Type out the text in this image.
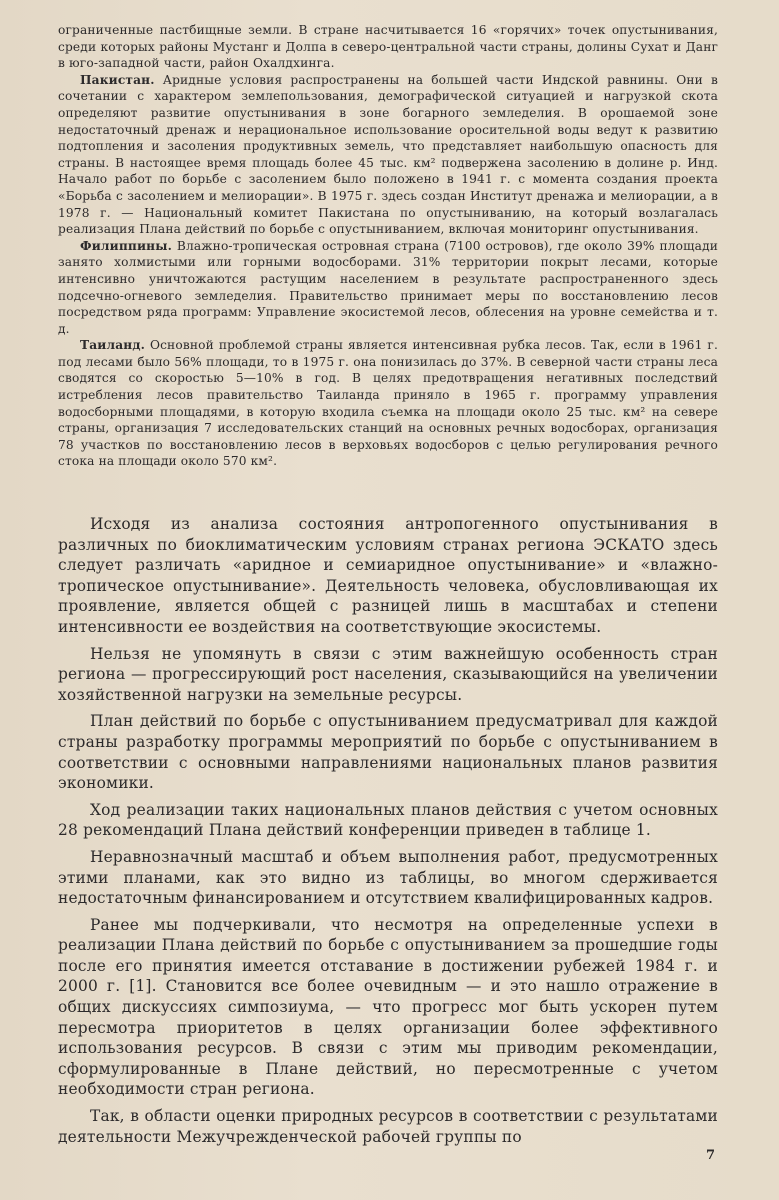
ограниченные пастбищные земли. В стране насчитывается 16 «горячих» точек опустынивания, среди которых районы Мустанг и Долпа в северо-центральной части страны, долины Сухат и Данг в юго-западной части, район Охалдхинга.

Пакистан. Аридные условия распространены на большей части Индской равнины. Они в сочетании с характером землепользования, демографической ситуацией и нагрузкой скота определяют развитие опустынивания в зоне богарного земледелия. В орошаемой зоне недостаточный дренаж и нерациональное использование оросительной воды ведут к развитию подтопления и засоления продуктивных земель, что представляет наибольшую опасность для страны. В настоящее время площадь более 45 тыс. км² подвержена засолению в долине р. Инд. Начало работ по борьбе с засолением было положено в 1941 г. с момента создания проекта «Борьба с засолением и мелиорации». В 1975 г. здесь создан Институт дренажа и мелиорации, а в 1978 г. — Национальный комитет Пакистана по опустыниванию, на который возлагалась реализация Плана действий по борьбе с опустыниванием, включая мониторинг опустынивания.

Филиппины. Влажно-тропическая островная страна (7100 островов), где около 39% площади занято холмистыми или горными водосборами. 31% территории покрыт лесами, которые интенсивно уничтожаются растущим населением в результате распространенного здесь подсечно-огневого земледелия. Правительство принимает меры по восстановлению лесов посредством ряда программ: Управление экосистемой лесов, облесения на уровне семейства и т. д.

Таиланд. Основной проблемой страны является интенсивная рубка лесов. Так, если в 1961 г. под лесами было 56% площади, то в 1975 г. она понизилась до 37%. В северной части страны леса сводятся со скоростью 5—10% в год. В целях предотвращения негативных последствий истребления лесов правительство Таиланда приняло в 1965 г. программу управления водосборными площадями, в которую входила съемка на площади около 25 тыс. км² на севере страны, организация 7 исследовательских станций на основных речных водосборах, организация 78 участков по восстановлению лесов в верховьях водосборов с целью регулирования речного стока на площади около 570 км².

Исходя из анализа состояния антропогенного опустынивания в различных по биоклиматическим условиям странах региона ЭСКАТО здесь следует различать «аридное и семиаридное опустынивание» и «влажно-тропическое опустынивание». Деятельность человека, обусловливающая их проявление, является общей с разницей лишь в масштабах и степени интенсивности ее воздействия на соответствующие экосистемы.

Нельзя не упомянуть в связи с этим важнейшую особенность стран региона — прогрессирующий рост населения, сказывающийся на увеличении хозяйственной нагрузки на земельные ресурсы.

План действий по борьбе с опустыниванием предусматривал для каждой страны разработку программы мероприятий по борьбе с опустыниванием в соответствии с основными направлениями национальных планов развития экономики.

Ход реализации таких национальных планов действия с учетом основных 28 рекомендаций Плана действий конференции приведен в таблице 1.

Неравнозначный масштаб и объем выполнения работ, предусмотренных этими планами, как это видно из таблицы, во многом сдерживается недостаточным финансированием и отсутствием квалифицированных кадров.

Ранее мы подчеркивали, что несмотря на определенные успехи в реализации Плана действий по борьбе с опустыниванием за прошедшие годы после его принятия имеется отставание в достижении рубежей 1984 г. и 2000 г. [1]. Становится все более очевидным — и это нашло отражение в общих дискуссиях симпозиума, — что прогресс мог быть ускорен путем пересмотра приоритетов в целях организации более эффективного использования ресурсов. В связи с этим мы приводим рекомендации, сформулированные в Плане действий, но пересмотренные с учетом необходимости стран региона.

Так, в области оценки природных ресурсов в соответствии с результатами деятельности Межучрежденческой рабочей группы по

7
